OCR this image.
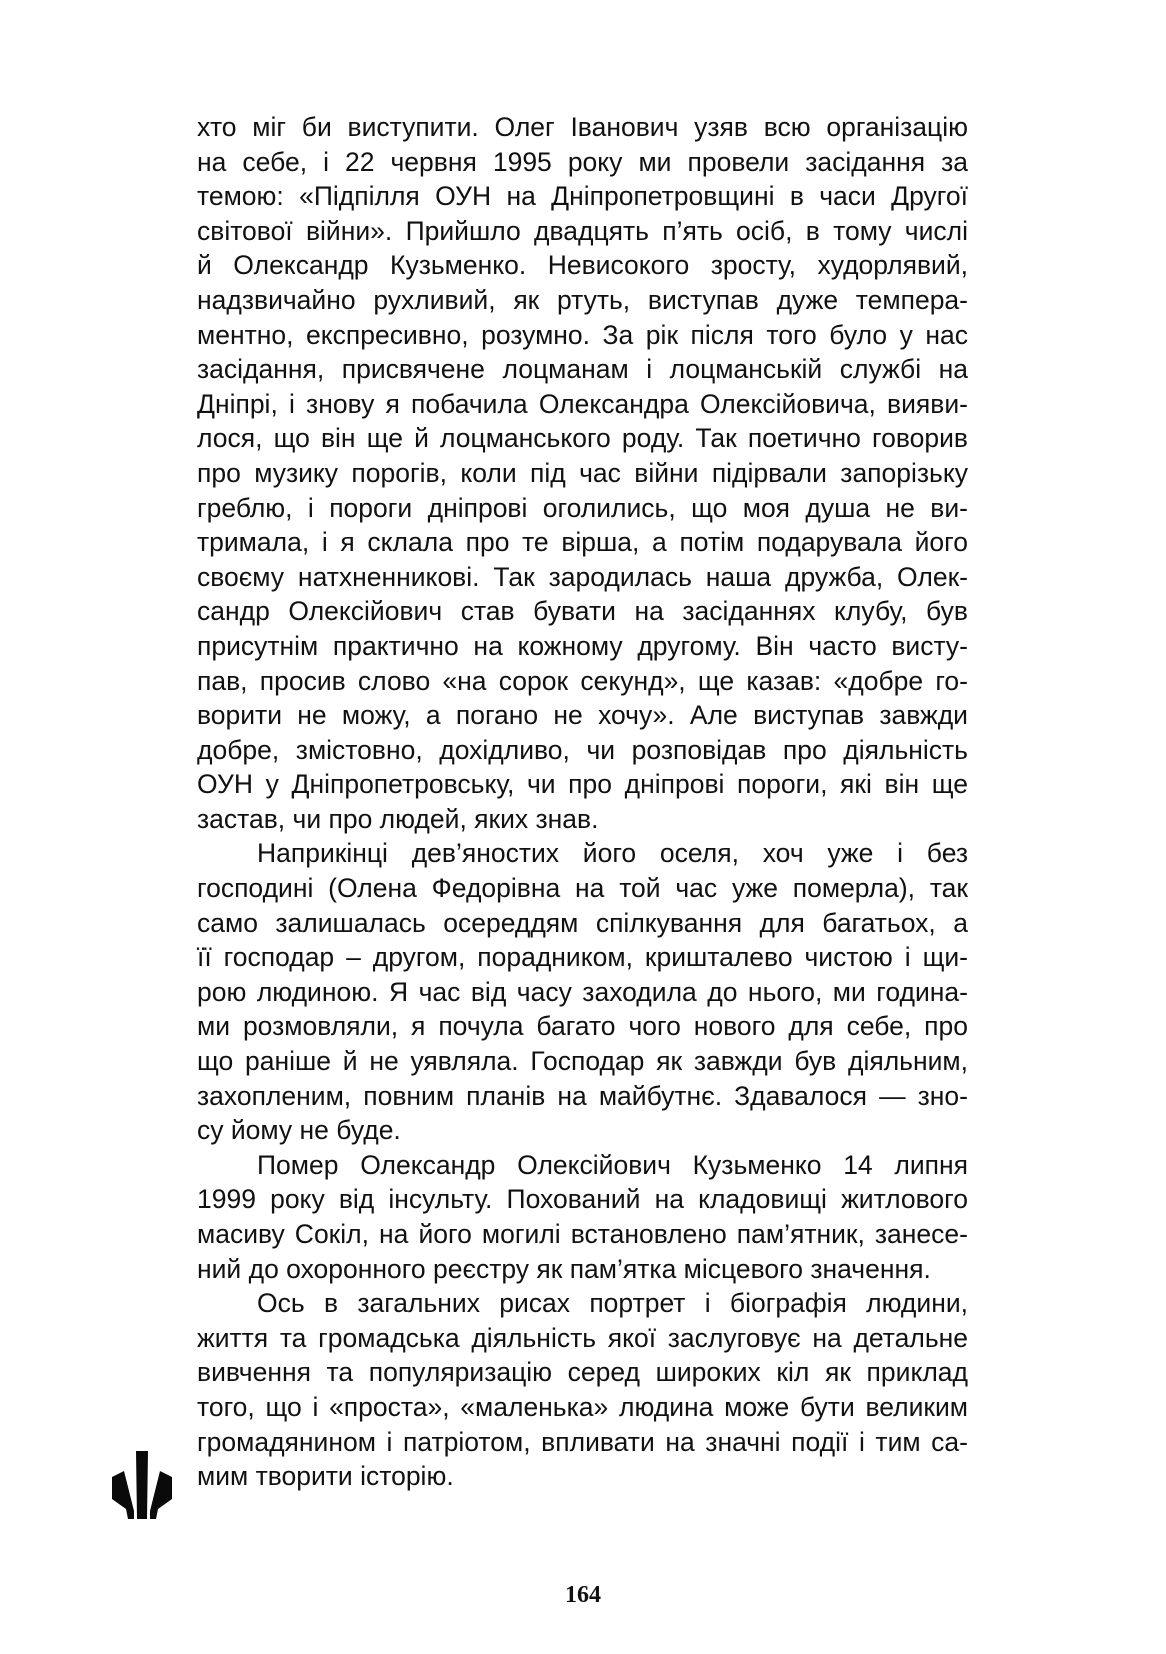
хто міг би виступити. Олег Іванович узяв всю організацію
на себе, і 22 червня 1995 року ми провели засідання за
темою: «Підпілля ОУН на Дніпропетровщині в часи Другої
світової війни». Прийшло двадцять п’ять осіб, в тому числі
й Олександр Кузьменко. Невисокого зросту, худорлявий,
надзвичайно рухливий, як ртуть, виступав дуже темпера-
ментно, експресивно, розумно. За рік після того було у нас
засідання, присвячене лоцманам і лоцманській службі на
Дніпрі, і знову я побачила Олександра Олексійовича, вияви-
лося, що він ще й лоцманського роду. Так поетично говорив
про музику порогів, коли під час війни підірвали запорізьку
греблю, і пороги дніпрові оголились, що моя душа не ви-
тримала, і я склала про те вірша, а потім подарувала його
своєму натхненникові. Так зародилась наша дружба, Олек-
сандр Олексійович став бувати на засіданнях клубу, був
присутнім практично на кожному другому. Він часто висту-
пав, просив слово «на сорок секунд», ще казав: «добре го-
ворити не можу, а погано не хочу». Але виступав завжди
добре, змістовно, дохідливо, чи розповідав про діяльність
ОУН у Дніпропетровську, чи про дніпрові пороги, які він ще
застав, чи про людей, яких знав.

Наприкінці дев’яностих його оселя, хоч уже і без
господині (Олена Федорівна на той час уже померла), так
само залишалась осереддям спілкування для багатьох, а
її господар – другом, порадником, кришталево чистою і щи-
рою людиною. Я час від часу заходила до нього, ми година-
ми розмовляли, я почула багато чого нового для себе, про
що раніше й не уявляла. Господар як завжди був діяльним,
захопленим, повним планів на майбутнє. Здавалося — зно-
су йому не буде.

Помер Олександр Олексійович Кузьменко 14 липня
1999 року від інсульту. Похований на кладовищі житлового
масиву Сокіл, на його могилі встановлено пам’ятник, занесе-
ний до охоронного реєстру як пам’ятка місцевого значення.

Ось в загальних рисах портрет і біографія людини,
життя та громадська діяльність якої заслуговує на детальне
вивчення та популяризацію серед широких кіл як приклад
того, що і «проста», «маленька» людина може бути великим
громадянином і патріотом, впливати на значні події і тим са-
мим творити історію.

164
